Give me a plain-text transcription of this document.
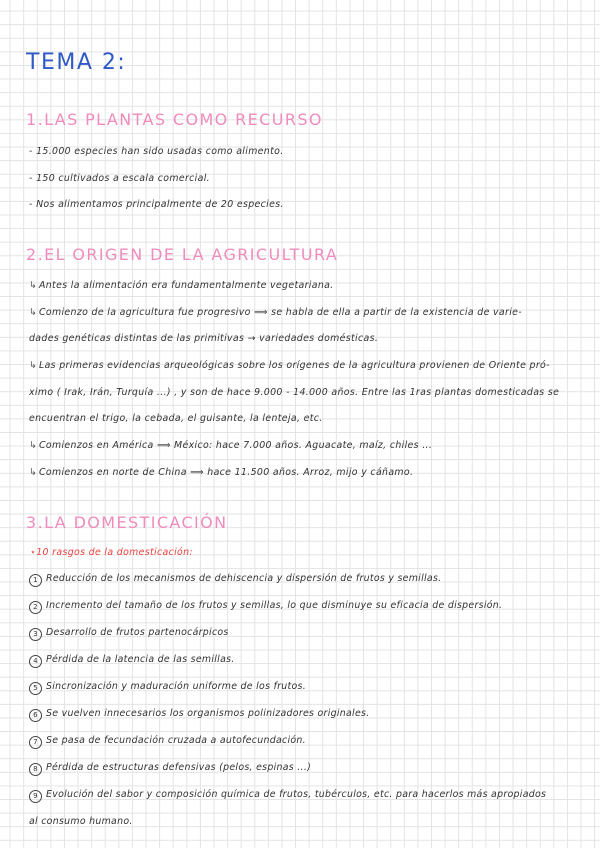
TEMA 2:
1.LAS PLANTAS COMO RECURSO
- 15.000 especies han sido usadas como alimento.
- 150 cultivados a escala comercial.
- Nos alimentamos principalmente de 20 especies.
2.EL ORIGEN DE LA AGRICULTURA
↳ Antes la alimentación era fundamentalmente vegetariana.
↳ Comienzo de la agricultura fue progresivo ⟹ se habla de ella a partir de la existencia de varie-
dades genéticas distintas de las primitivas → variedades domésticas.
↳ Las primeras evidencias arqueológicas sobre los orígenes de la agricultura provienen de Oriente pró-
ximo ( Irak, Irán, Turquía ...) , y son de hace 9.000 - 14.000 años. Entre las 1ras plantas domesticadas se
encuentran el trigo, la cebada, el guisante, la lenteja, etc.
↳ Comienzos en América ⟹ México: hace 7.000 años. Aguacate, maíz, chiles ...
↳ Comienzos en norte de China ⟹ hace 11.500 años. Arroz, mijo y cáñamo.
3.LA DOMESTICACIÓN
⋆10 rasgos de la domesticación:
1 Reducción de los mecanismos de dehiscencia y dispersión de frutos y semillas.
2 Incremento del tamaño de los frutos y semillas, lo que disminuye su eficacia de dispersión.
3 Desarrollo de frutos partenocárpicos
4 Pérdida de la latencia de las semillas.
5 Sincronización y maduración uniforme de los frutos.
6 Se vuelven innecesarios los organismos polinizadores originales.
7 Se pasa de fecundación cruzada a autofecundación.
8 Pérdida de estructuras defensivas (pelos, espinas ...)
9 Evolución del sabor y composición química de frutos, tubérculos, etc. para hacerlos más apropiados
al consumo humano.
